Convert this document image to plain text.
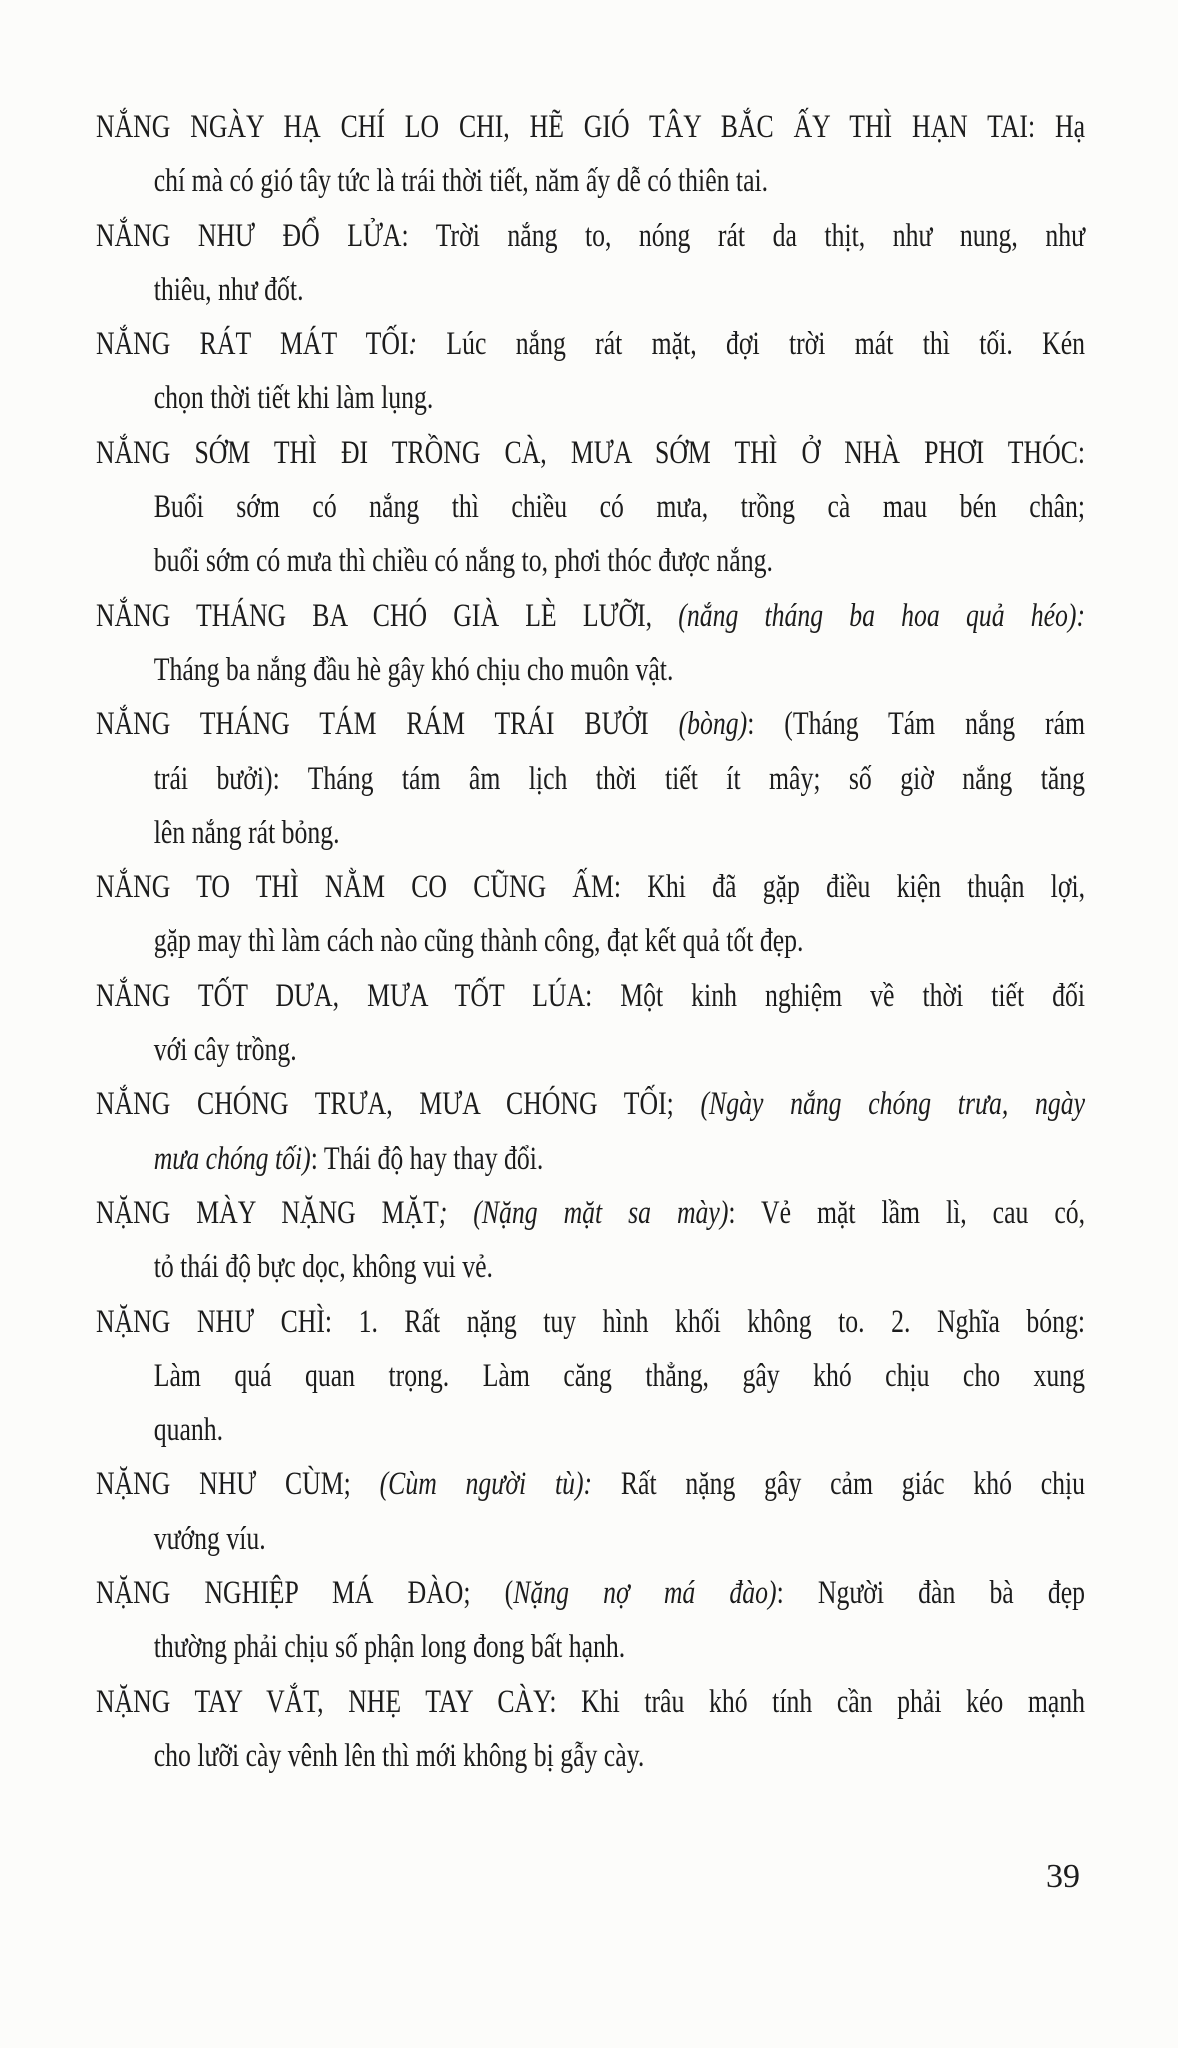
NẮNG NGÀY HẠ CHÍ LO CHI, HẼ GIÓ TÂY BẮC ẤY THÌ HẠN TAI: Hạ
chí mà có gió tây tức là trái thời tiết, năm ấy dễ có thiên tai.
NẮNG NHƯ ĐỔ LỬA: Trời nắng to, nóng rát da thịt, như nung, như
thiêu, như đốt.
NẮNG RÁT MÁT TỐI: Lúc nắng rát mặt, đợi trời mát thì tối. Kén
chọn thời tiết khi làm lụng.
NẮNG SỚM THÌ ĐI TRỒNG CÀ, MƯA SỚM THÌ Ở NHÀ PHƠI THÓC:
Buổi sớm có nắng thì chiều có mưa, trồng cà mau bén chân;
buổi sớm có mưa thì chiều có nắng to, phơi thóc được nắng.
NẮNG THÁNG BA CHÓ GIÀ LÈ LƯỠI, (nắng tháng ba hoa quả héo):
Tháng ba nắng đầu hè gây khó chịu cho muôn vật.
NẮNG THÁNG TÁM RÁM TRÁI BƯỞI (bòng): (Tháng Tám nắng rám
trái bưởi): Tháng tám âm lịch thời tiết ít mây; số giờ nắng tăng
lên nắng rát bỏng.
NẮNG TO THÌ NẰM CO CŨNG ẤM: Khi đã gặp điều kiện thuận lợi,
gặp may thì làm cách nào cũng thành công, đạt kết quả tốt đẹp.
NẮNG TỐT DƯA, MƯA TỐT LÚA: Một kinh nghiệm về thời tiết đối
với cây trồng.
NẮNG CHÓNG TRƯA, MƯA CHÓNG TỐI; (Ngày nắng chóng trưa, ngày
mưa chóng tối): Thái độ hay thay đổi.
NẶNG MÀY NẶNG MẶT; (Nặng mặt sa mày): Vẻ mặt lầm lì, cau có,
tỏ thái độ bực dọc, không vui vẻ.
NẶNG NHƯ CHÌ: 1. Rất nặng tuy hình khối không to. 2. Nghĩa bóng:
Làm quá quan trọng. Làm căng thẳng, gây khó chịu cho xung
quanh.
NẶNG NHƯ CÙM; (Cùm người tù): Rất nặng gây cảm giác khó chịu
vướng víu.
NẶNG NGHIỆP MÁ ĐÀO; (Nặng nợ má đào): Người đàn bà đẹp
thường phải chịu số phận long đong bất hạnh.
NẶNG TAY VẮT, NHẸ TAY CÀY: Khi trâu khó tính cần phải kéo mạnh
cho lưỡi cày vênh lên thì mới không bị gẫy cày.
39
